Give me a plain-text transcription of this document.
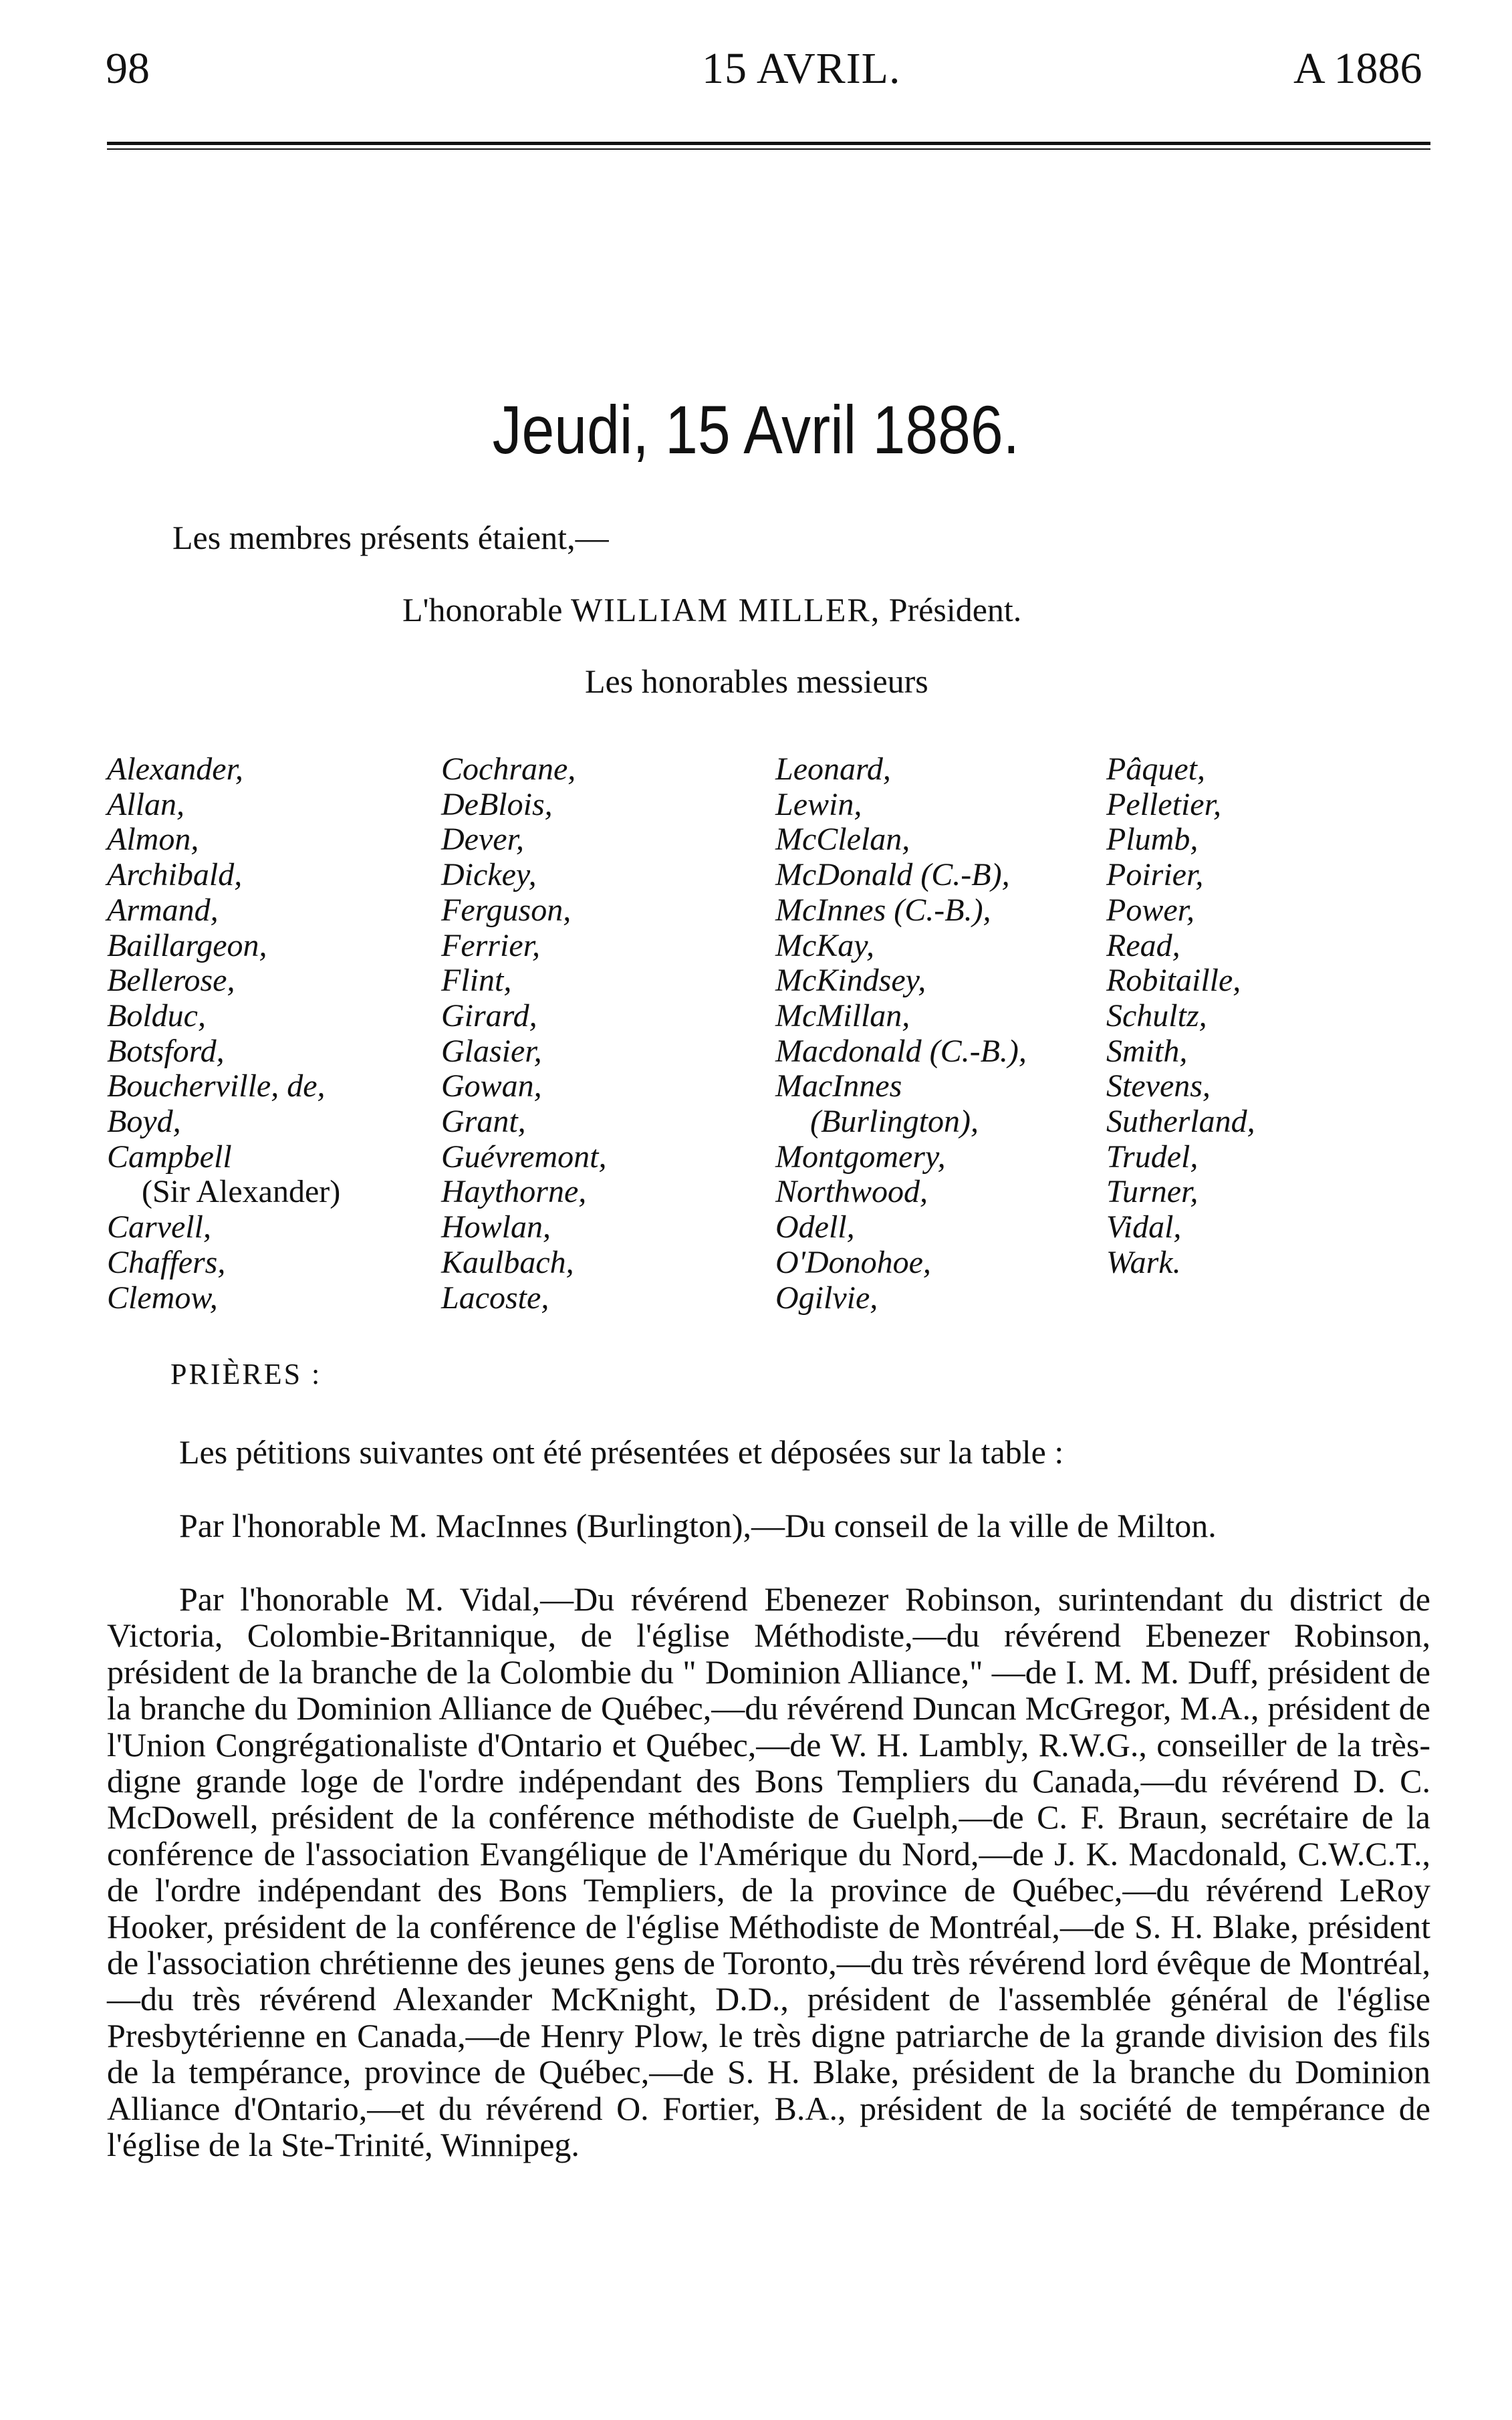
98	15 AVRIL.	A 1886
Jeudi, 15 Avril 1886.
Les membres présents étaient,—
L'honorable WILLIAM MILLER, Président.
Les honorables messieurs
Alexander,
Allan,
Almon,
Archibald,
Armand,
Baillargeon,
Bellerose,
Bolduc,
Botsford,
Boucherville, de,
Boyd,
Campbell
(Sir Alexander)
Carvell,
Chaffers,
Clemow,
Cochrane,
DeBlois,
Dever,
Dickey,
Ferguson,
Ferrier,
Flint,
Girard,
Glasier,
Gowan,
Grant,
Guévremont,
Haythorne,
Howlan,
Kaulbach,
Lacoste,
Leonard,
Lewin,
McClelan,
McDonald (C.-B),
McInnes (C.-B.),
McKay,
McKindsey,
McMillan,
Macdonald (C.-B.),
MacInnes
(Burlington),
Montgomery,
Northwood,
Odell,
O'Donohoe,
Ogilvie,
Pâquet,
Pelletier,
Plumb,
Poirier,
Power,
Read,
Robitaille,
Schultz,
Smith,
Stevens,
Sutherland,
Trudel,
Turner,
Vidal,
Wark.
PRIÈRES :
Les pétitions suivantes ont été présentées et déposées sur la table :
Par l'honorable M. MacInnes (Burlington),—Du conseil de la ville de Milton.
Par l'honorable M. Vidal,—Du révérend Ebenezer Robinson, surintendant du district de Victoria, Colombie-Britannique, de l'église Méthodiste,—du révérend Ebenezer Robinson, président de la branche de la Colombie du " Dominion Alliance," —de I. M. M. Duff, président de la branche du Dominion Alliance de Québec,—du révérend Duncan McGregor, M.A., président de l'Union Congrégationaliste d'Ontario et Québec,—de W. H. Lambly, R.W.G., conseiller de la très-digne grande loge de l'ordre indépendant des Bons Templiers du Canada,—du révérend D. C. McDowell, président de la conférence méthodiste de Guelph,—de C. F. Braun, secrétaire de la conférence de l'association Evangélique de l'Amérique du Nord,—de J. K. Macdonald, C.W.C.T., de l'ordre indépendant des Bons Templiers, de la province de Québec,—du révérend LeRoy Hooker, président de la conférence de l'église Méthodiste de Montréal,—de S. H. Blake, président de l'association chrétienne des jeunes gens de Toronto,—du très révérend lord évêque de Montréal,—du très révérend Alexander McKnight, D.D., président de l'assemblée général de l'église Presbytérienne en Canada,—de Henry Plow, le très digne patriarche de la grande division des fils de la tempérance, province de Québec,—de S. H. Blake, président de la branche du Dominion Alliance d'Ontario,—et du révérend O. Fortier, B.A., président de la société de tempérance de l'église de la Ste-Trinité, Winnipeg.
